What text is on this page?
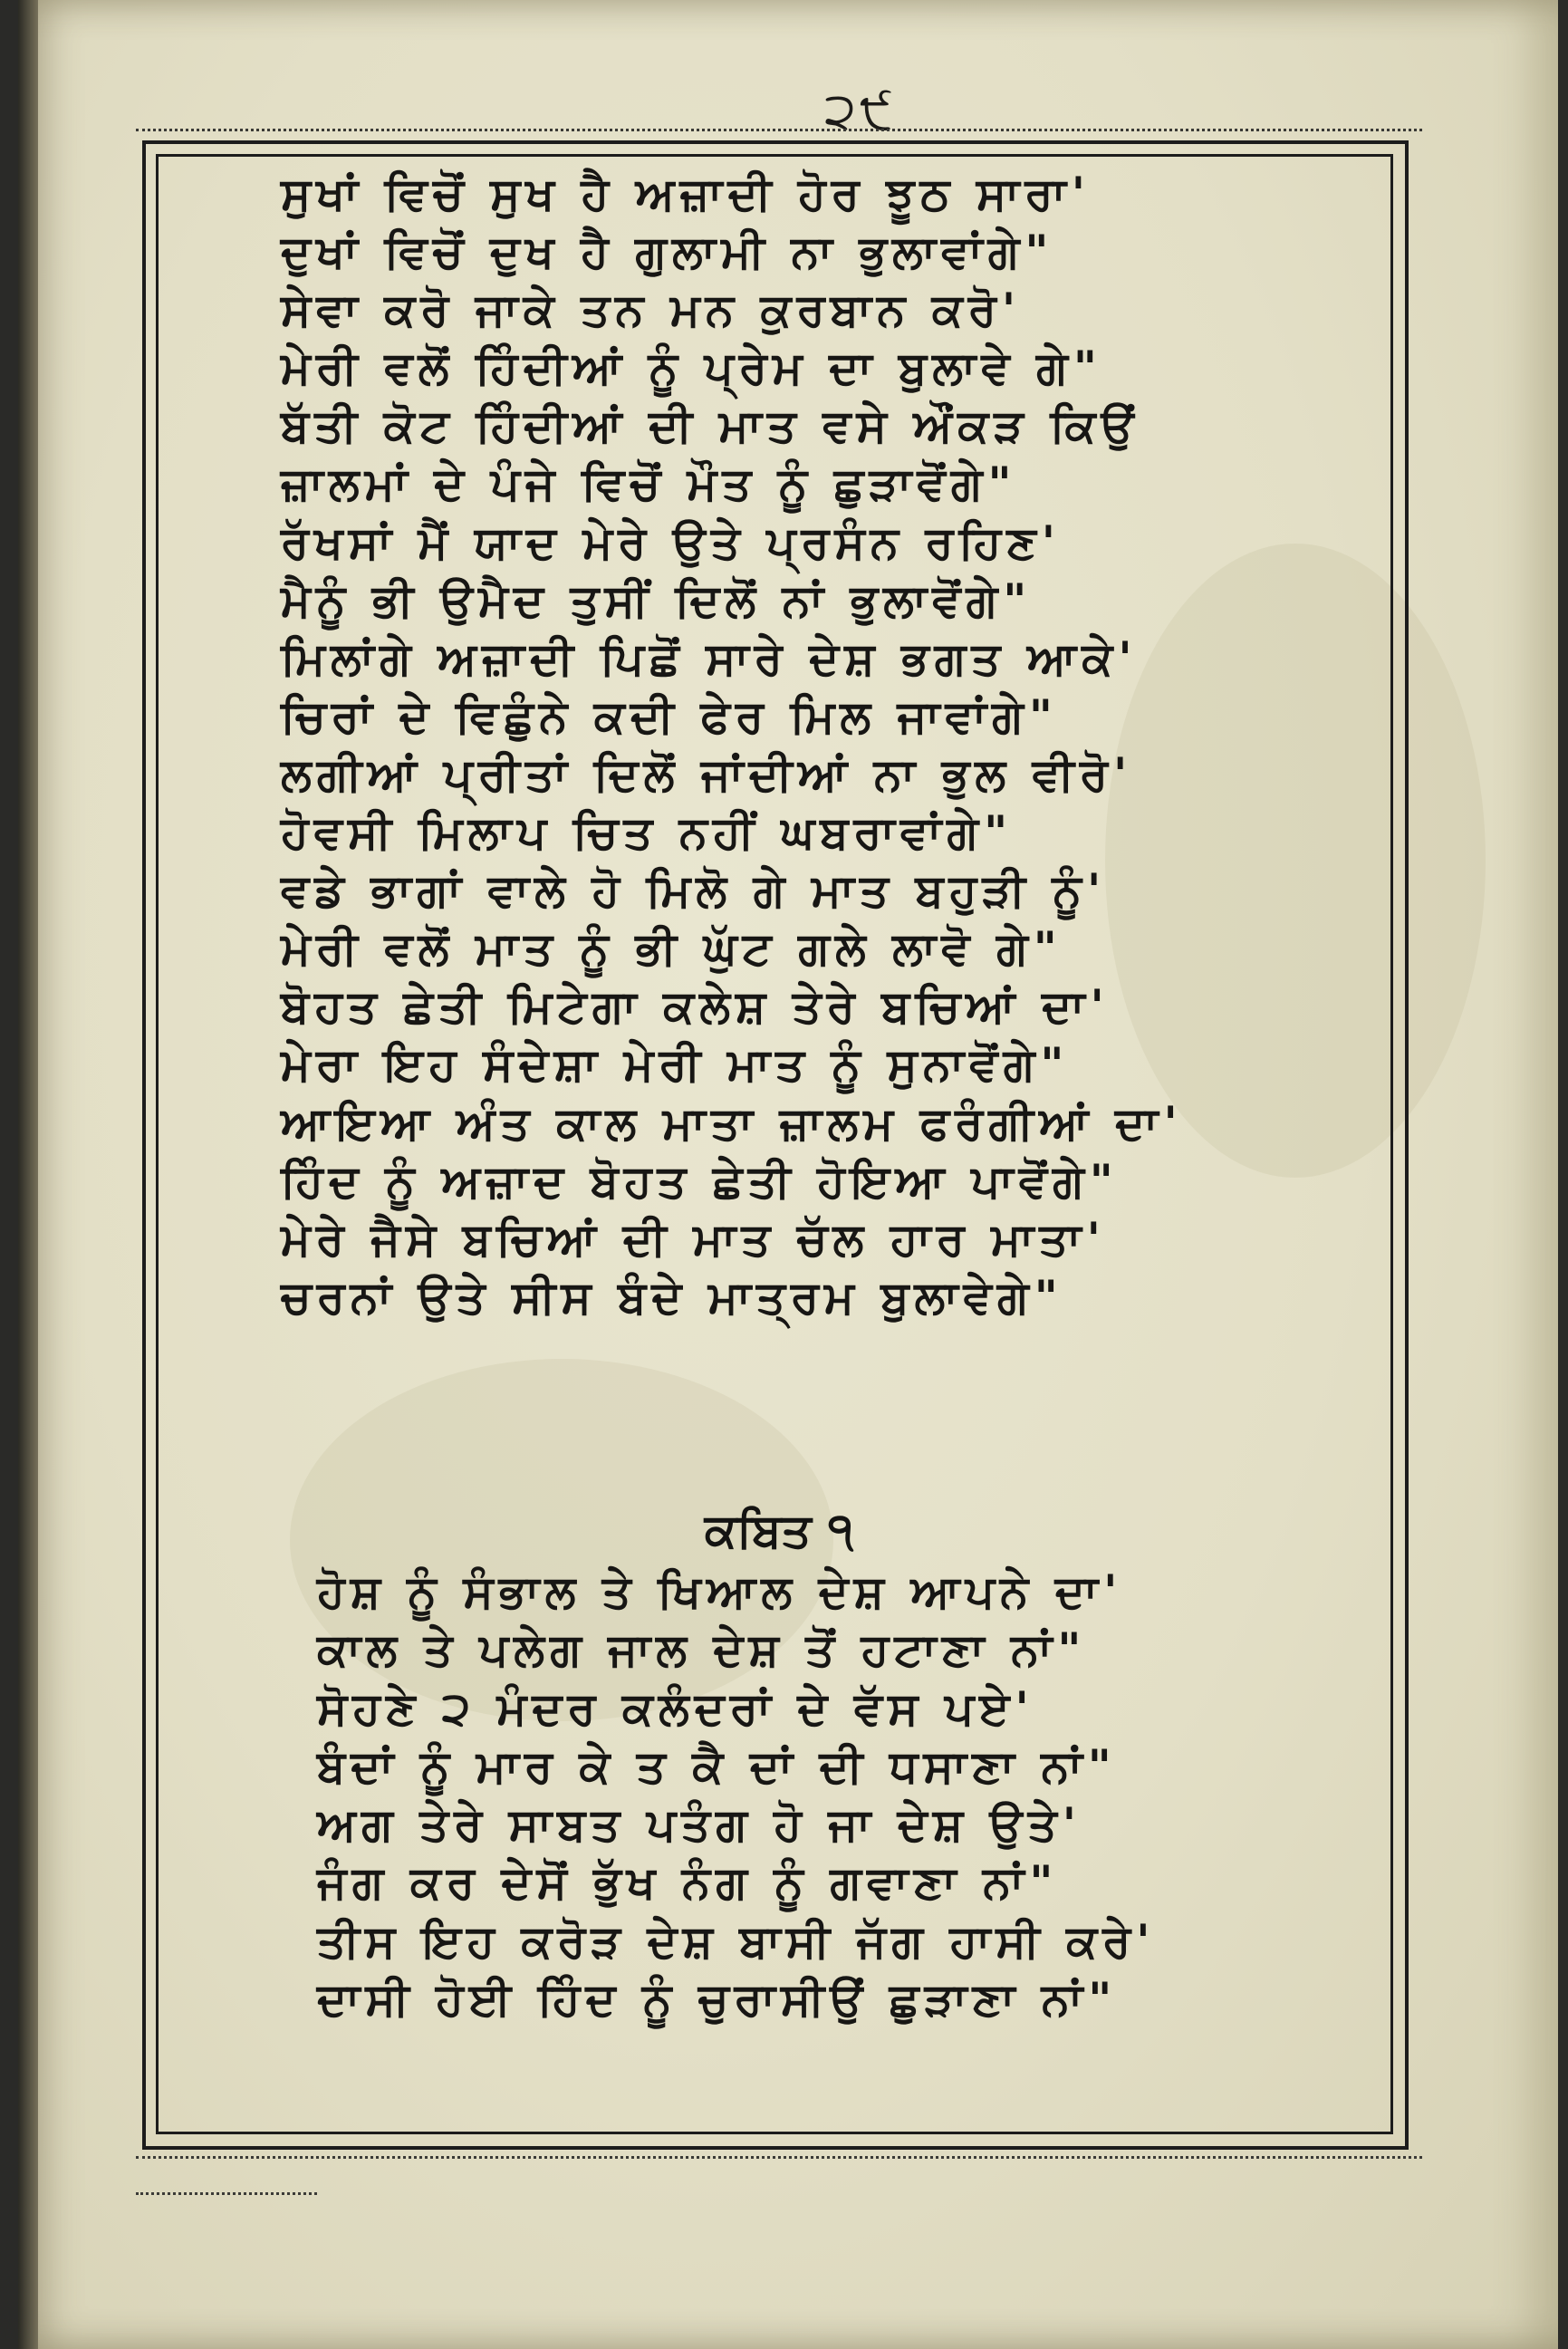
੨੯
ਸੁਖਾਂ ਵਿਚੋਂ ਸੁਖ ਹੈ ਅਜ਼ਾਦੀ ਹੋਰ ਝੂਠ ਸਾਰਾ'
ਦੁਖਾਂ ਵਿਚੋਂ ਦੁਖ ਹੈ ਗੁਲਾਮੀ ਨਾ ਭੁਲਾਵਾਂਗੇ"
ਸੇਵਾ ਕਰੋ ਜਾਕੇ ਤਨ ਮਨ ਕੁਰਬਾਨ ਕਰੋ'
ਮੇਰੀ ਵਲੋਂ ਹਿੰਦੀਆਂ ਨੂੰ ਪ੍ਰੇਮ ਦਾ ਬੁਲਾਵੇ ਗੇ"
ਬੱਤੀ ਕੋਟ ਹਿੰਦੀਆਂ ਦੀ ਮਾਤ ਵਸੇ ਔਂਕੜ ਕਿਉਂ
ਜ਼ਾਲਮਾਂ ਦੇ ਪੰਜੇ ਵਿਚੋਂ ਮੌਤ ਨੂੰ ਛੁੜਾਵੋਂਗੇ"
ਰੱਖਸਾਂ ਮੈਂ ਯਾਦ ਮੇਰੇ ਉਤੇ ਪ੍ਰਸੰਨ ਰਹਿਣ'
ਮੈਨੂੰ ਭੀ ਉਮੈਦ ਤੁਸੀਂ ਦਿਲੋਂ ਨਾਂ ਭੁਲਾਵੋਂਗੇ"
ਮਿਲਾਂਗੇ ਅਜ਼ਾਦੀ ਪਿਛੋਂ ਸਾਰੇ ਦੇਸ਼ ਭਗਤ ਆਕੇ'
ਚਿਰਾਂ ਦੇ ਵਿਛੁੰਨੇ ਕਦੀ ਫੇਰ ਮਿਲ ਜਾਵਾਂਗੇ"
ਲਗੀਆਂ ਪ੍ਰੀਤਾਂ ਦਿਲੋਂ ਜਾਂਦੀਆਂ ਨਾ ਭੁਲ ਵੀਰੋ'
ਹੋਵਸੀ ਮਿਲਾਪ ਚਿਤ ਨਹੀਂ ਘਬਰਾਵਾਂਗੇ"
ਵਡੇ ਭਾਗਾਂ ਵਾਲੇ ਹੋ ਮਿਲੋ ਗੇ ਮਾਤ ਬਹੁੜੀ ਨੂੰ'
ਮੇਰੀ ਵਲੋਂ ਮਾਤ ਨੂੰ ਭੀ ਘੁੱਟ ਗਲੇ ਲਾਵੋ ਗੇ"
ਬੋਹਤ ਛੇਤੀ ਮਿਟੇਗਾ ਕਲੇਸ਼ ਤੇਰੇ ਬਚਿਆਂ ਦਾ'
ਮੇਰਾ ਇਹ ਸੰਦੇਸ਼ਾ ਮੇਰੀ ਮਾਤ ਨੂੰ ਸੁਨਾਵੋਂਗੇ"
ਆਇਆ ਅੰਤ ਕਾਲ ਮਾਤਾ ਜ਼ਾਲਮ ਫਰੰਗੀਆਂ ਦਾ'
ਹਿੰਦ ਨੂੰ ਅਜ਼ਾਦ ਬੋਹਤ ਛੇਤੀ ਹੋਇਆ ਪਾਵੋਂਗੇ"
ਮੇਰੇ ਜੈਸੇ ਬਚਿਆਂ ਦੀ ਮਾਤ ਚੱਲ ਹਾਰ ਮਾਤਾ'
ਚਰਨਾਂ ਉਤੇ ਸੀਸ ਬੰਦੇ ਮਾਤ੍ਰਮ ਬੁਲਾਵੇਗੇ"
ਕਬਿਤ ੧
ਹੋਸ਼ ਨੂੰ ਸੰਭਾਲ ਤੇ ਖਿਆਲ ਦੇਸ਼ ਆਪਨੇ ਦਾ'
ਕਾਲ ਤੇ ਪਲੇਗ ਜਾਲ ਦੇਸ਼ ਤੋਂ ਹਟਾਣਾ ਨਾਂ"
ਸੋਹਣੇ ੨ ਮੰਦਰ ਕਲੰਦਰਾਂ ਦੇ ਵੱਸ ਪਏ'
ਬੰਦਾਂ ਨੂੰ ਮਾਰ ਕੇ ਤ ਕੈ ਦਾਂ ਦੀ ਧਸਾਣਾ ਨਾਂ"
ਅਗ ਤੇਰੇ ਸਾਬਤ ਪਤੰਗ ਹੋ ਜਾ ਦੇਸ਼ ਉਤੇ'
ਜੰਗ ਕਰ ਦੇਸੋਂ ਭੁੱਖ ਨੰਗ ਨੂੰ ਗਵਾਣਾ ਨਾਂ"
ਤੀਸ ਇਹ ਕਰੋੜ ਦੇਸ਼ ਬਾਸੀ ਜੱਗ ਹਾਸੀ ਕਰੇ'
ਦਾਸੀ ਹੋਈ ਹਿੰਦ ਨੂੰ ਚੁਰਾਸੀਉਂ ਛੁੜਾਣਾ ਨਾਂ"
